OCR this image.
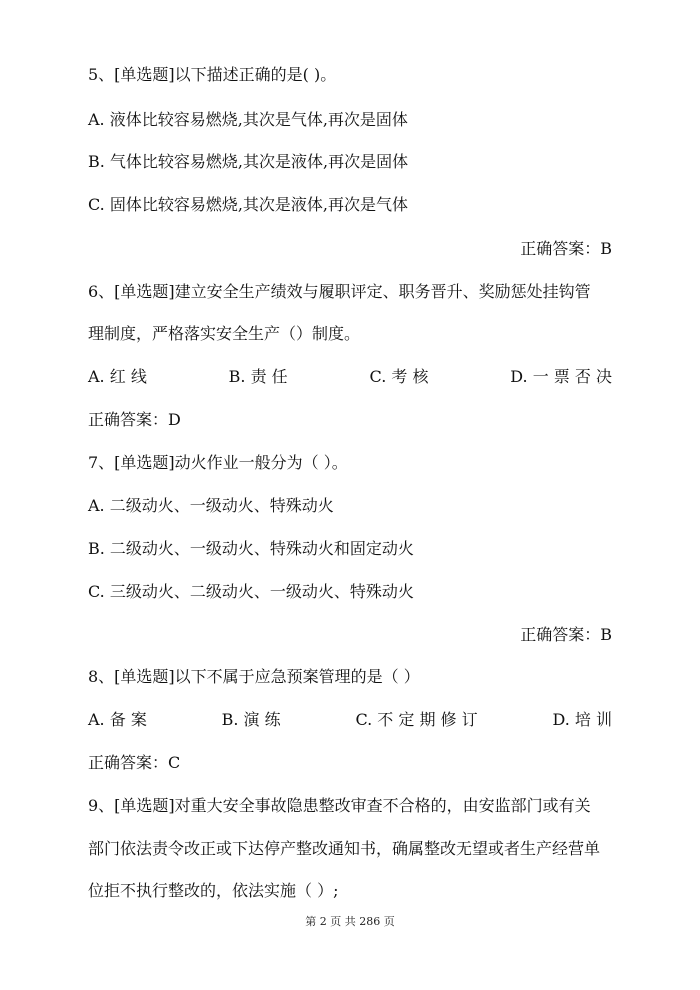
5、[单选题]以下描述正确的是( )。
A. 液体比较容易燃烧,其次是气体,再次是固体
B. 气体比较容易燃烧,其次是液体,再次是固体
C. 固体比较容易燃烧,其次是液体,再次是气体
正确答案：B
6、[单选题]建立安全生产绩效与履职评定、职务晋升、奖励惩处挂钩管
理制度，严格落实安全生产（）制度。
A. 红 线	B. 责 任	C. 考 核	D. 一 票 否 决
正确答案：D
7、[单选题]动火作业一般分为（ ）。
A. 二级动火、一级动火、特殊动火
B. 二级动火、一级动火、特殊动火和固定动火
C. 三级动火、二级动火、一级动火、特殊动火
正确答案：B
8、[单选题]以下不属于应急预案管理的是（ ）
A. 备 案	B. 演 练	C. 不 定 期 修 订	D. 培 训
正确答案：C
9、[单选题]对重大安全事故隐患整改审查不合格的，由安监部门或有关
部门依法责令改正或下达停产整改通知书，确属整改无望或者生产经营单
位拒不执行整改的，依法实施（ ）;
第 2 页 共 286 页
